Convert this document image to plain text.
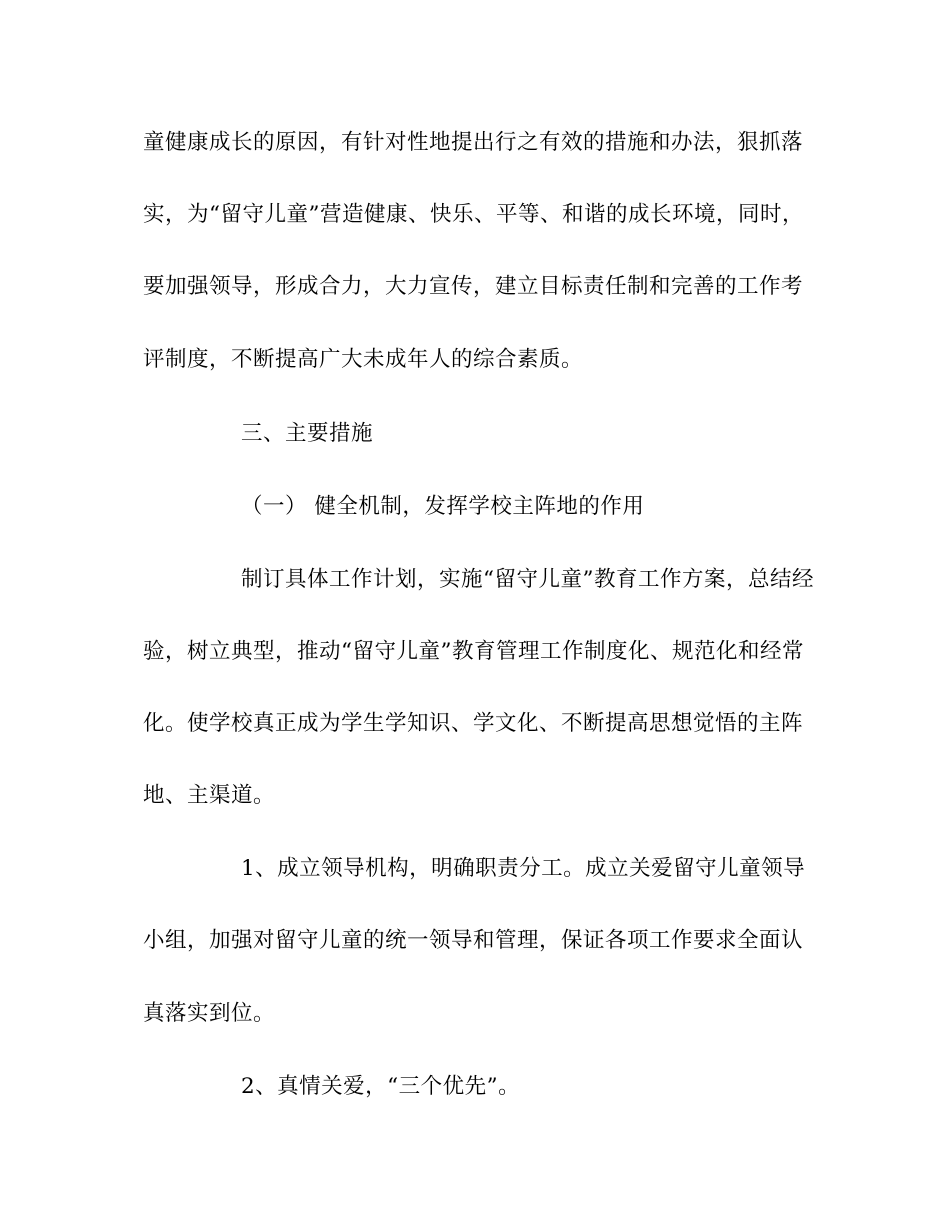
童健康成长的原因，有针对性地提出行之有效的措施和办法，狠抓落
实，为“留守儿童”营造健康、快乐、平等、和谐的成长环境，同时，
要加强领导，形成合力，大力宣传，建立目标责任制和完善的工作考
评制度，不断提高广大未成年人的综合素质。
三、主要措施
（一） 健全机制，发挥学校主阵地的作用
制订具体工作计划，实施“留守儿童”教育工作方案，总结经
验，树立典型，推动“留守儿童”教育管理工作制度化、规范化和经常
化。使学校真正成为学生学知识、学文化、不断提高思想觉悟的主阵
地、主渠道。
1、成立领导机构，明确职责分工。成立关爱留守儿童领导
小组，加强对留守儿童的统一领导和管理，保证各项工作要求全面认
真落实到位。
2、真情关爱，“三个优先”。
